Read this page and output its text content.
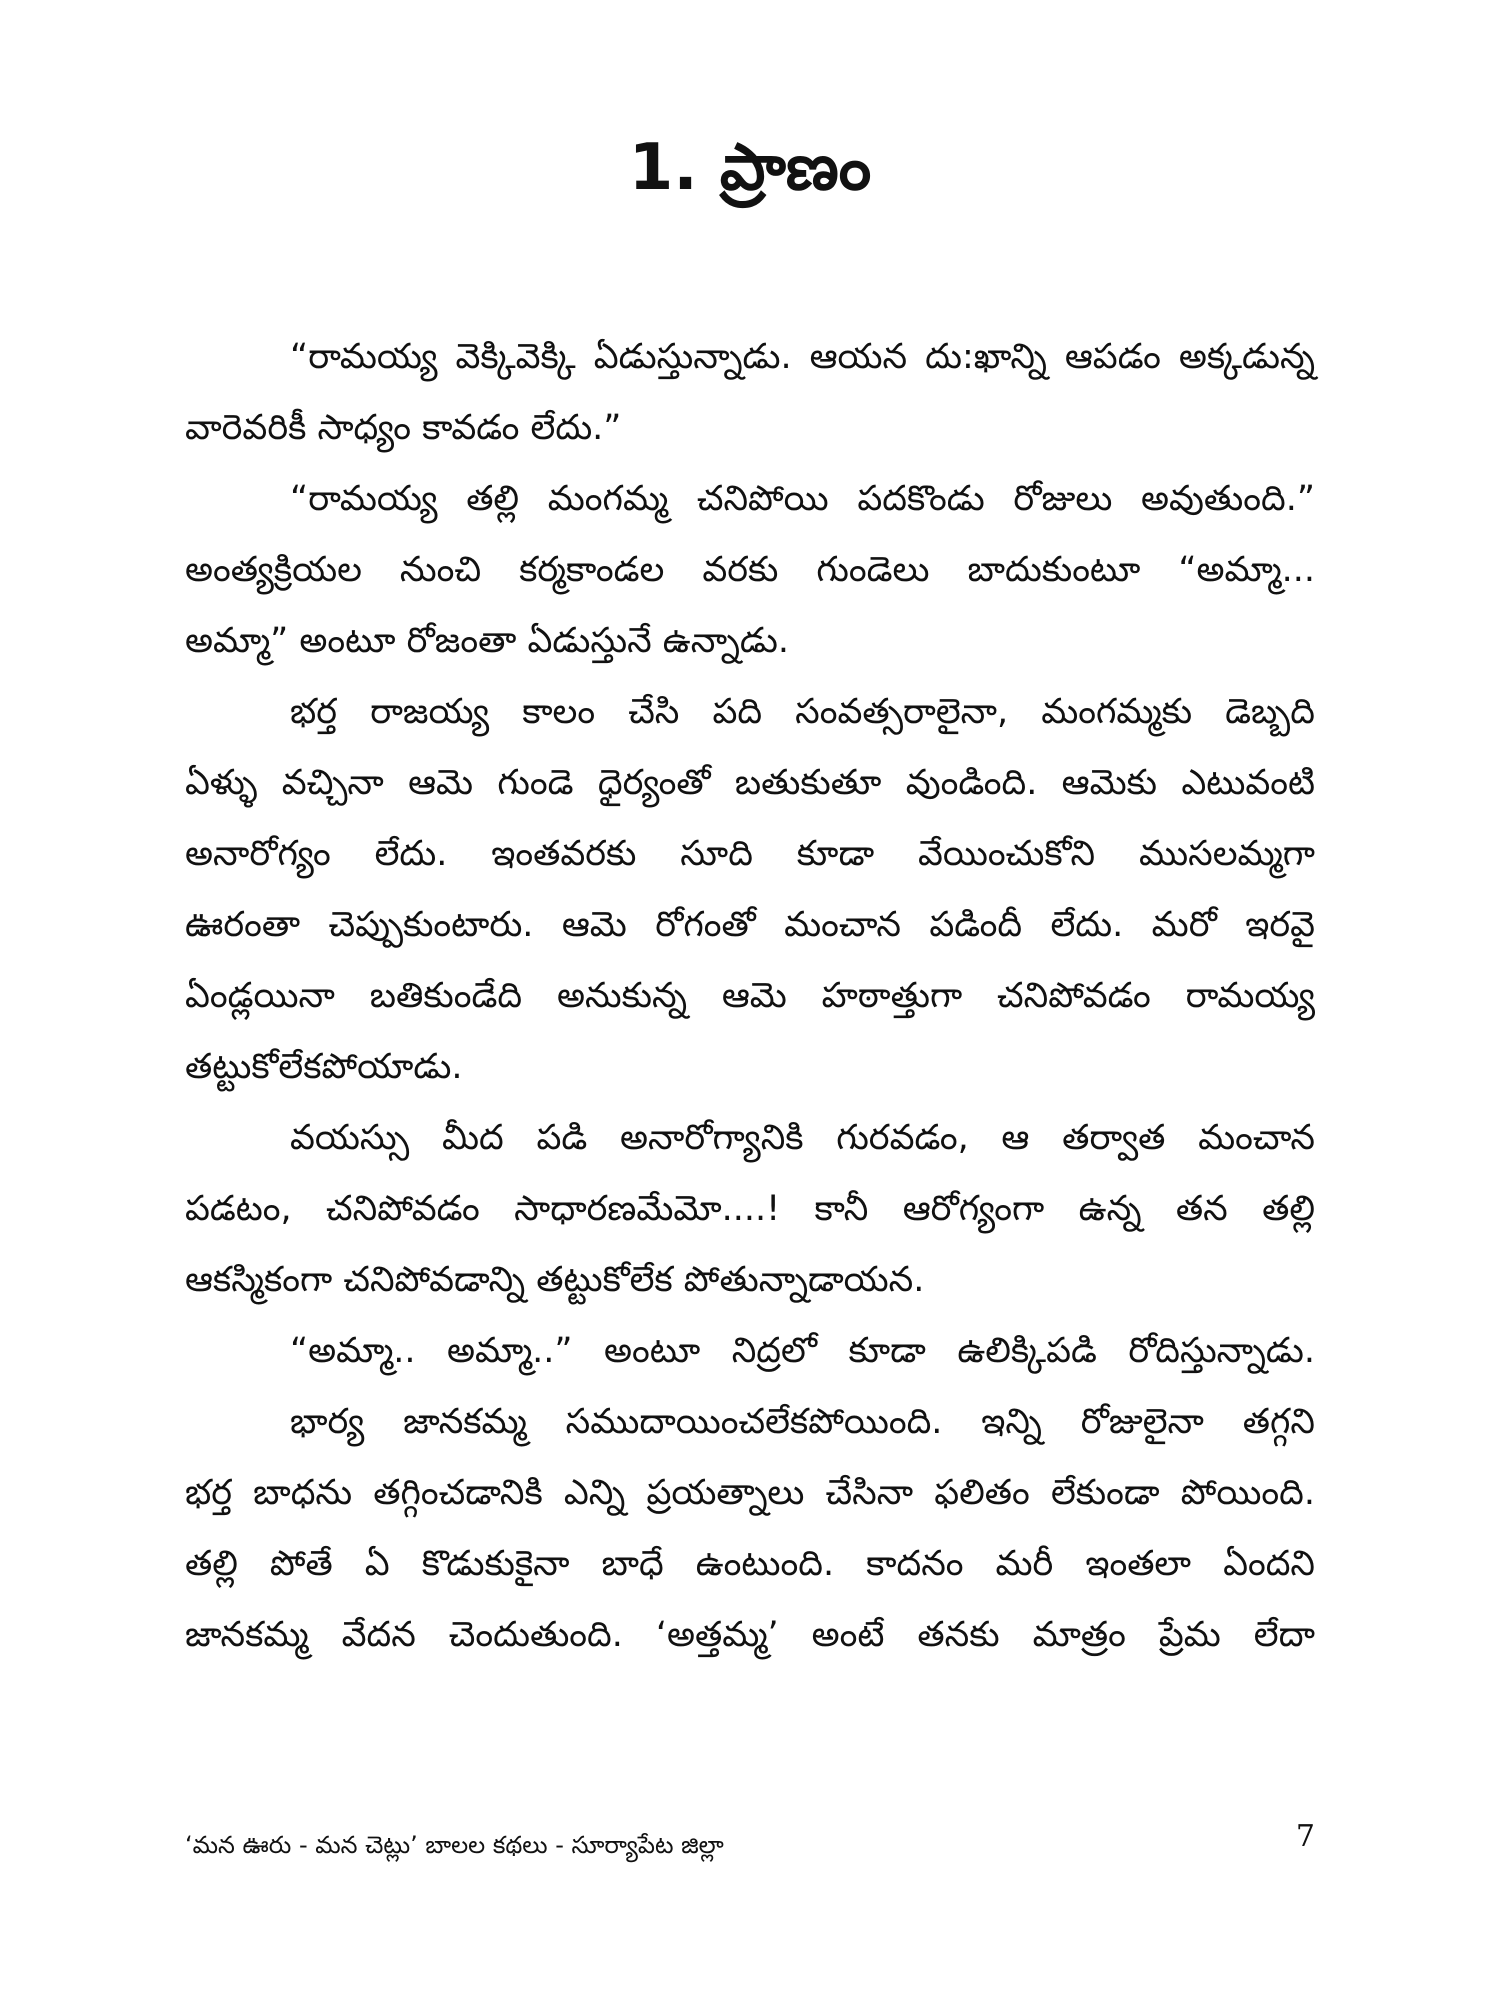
1. ప్రాణం
“రామయ్య వెక్కివెక్కి ఏడుస్తున్నాడు. ఆయన దు:ఖాన్ని ఆపడం అక్కడున్న
వారెవరికీ సాధ్యం కావడం లేదు.”
“రామయ్య తల్లి మంగమ్మ చనిపోయి పదకొండు రోజులు అవుతుంది.”
అంత్యక్రియల నుంచి కర్మకాండల వరకు గుండెలు బాదుకుంటూ “అమ్మా...
అమ్మా” అంటూ రోజంతా ఏడుస్తునే ఉన్నాడు.
భర్త రాజయ్య కాలం చేసి పది సంవత్సరాలైనా, మంగమ్మకు డెబ్బది
ఏళ్ళు వచ్చినా ఆమె గుండె ధైర్యంతో బతుకుతూ వుండింది. ఆమెకు ఎటువంటి
అనారోగ్యం లేదు. ఇంతవరకు సూది కూడా వేయించుకోని ముసలమ్మగా
ఊరంతా చెప్పుకుంటారు. ఆమె రోగంతో మంచాన పడిందీ లేదు. మరో ఇరవై
ఏండ్లయినా బతికుండేది అనుకున్న ఆమె హఠాత్తుగా చనిపోవడం రామయ్య
తట్టుకోలేకపోయాడు.
వయస్సు మీద పడి అనారోగ్యానికి గురవడం, ఆ తర్వాత మంచాన
పడటం, చనిపోవడం సాధారణమేమో....! కానీ ఆరోగ్యంగా ఉన్న తన తల్లి
ఆకస్మికంగా చనిపోవడాన్ని తట్టుకోలేక పోతున్నాడాయన.
“అమ్మా.. అమ్మా..” అంటూ నిద్రలో కూడా ఉలిక్కిపడి రోదిస్తున్నాడు.
భార్య జానకమ్మ సముదాయించలేకపోయింది. ఇన్ని రోజులైనా తగ్గని
భర్త బాధను తగ్గించడానికి ఎన్ని ప్రయత్నాలు చేసినా ఫలితం లేకుండా పోయింది.
తల్లి పోతే ఏ కొడుకుకైనా బాధే ఉంటుంది. కాదనం మరీ ఇంతలా ఏందని
జానకమ్మ వేదన చెందుతుంది. ‘అత్తమ్మ’ అంటే తనకు మాత్రం ప్రేమ లేదా
‘మన ఊరు - మన చెట్లు’ బాలల కథలు - సూర్యాపేట జిల్లా	7
